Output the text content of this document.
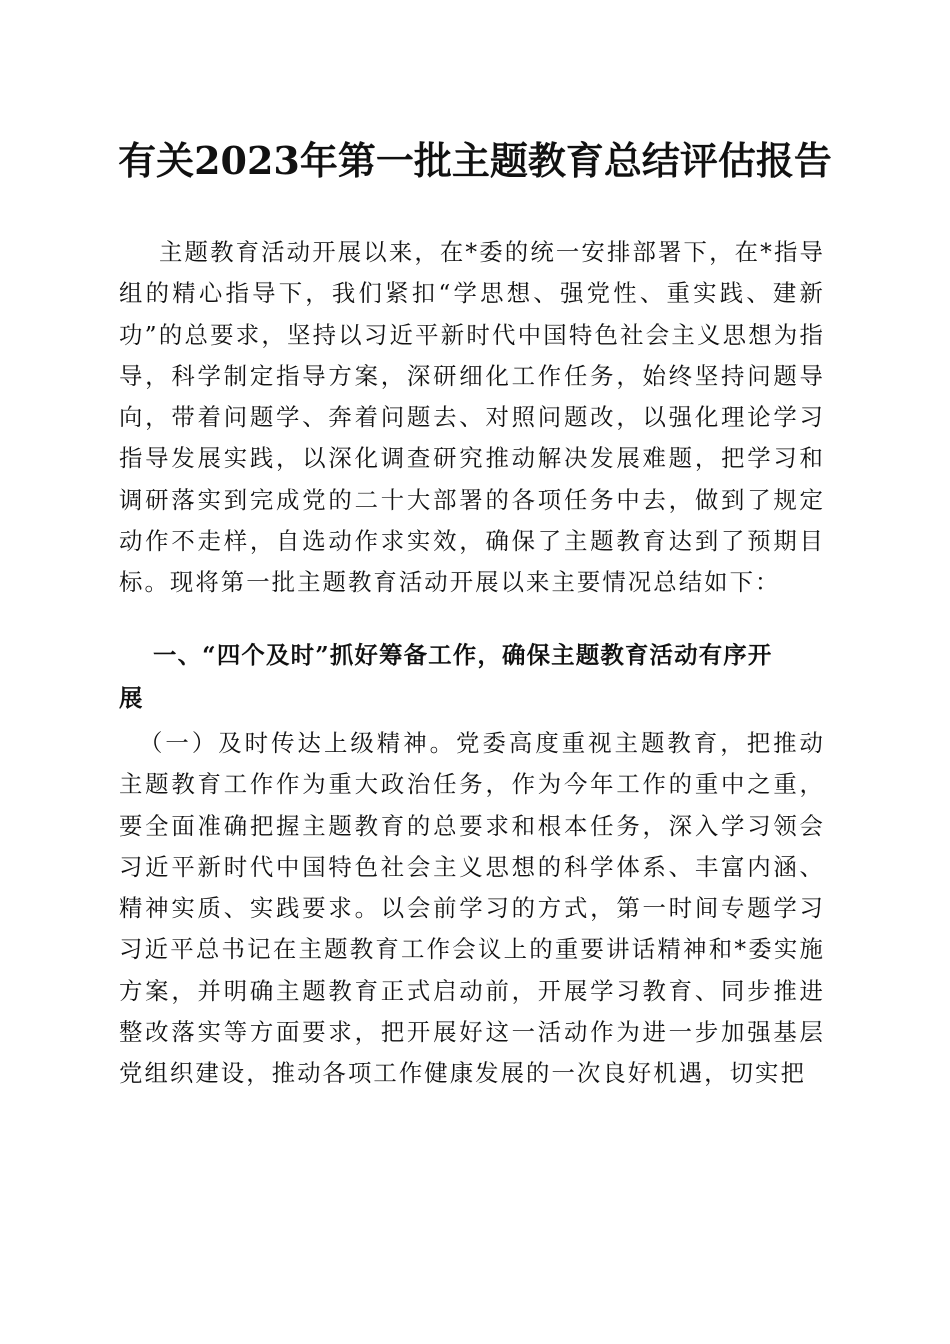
有关2023年第一批主题教育总结评估报告
主题教育活动开展以来，在*委的统一安排部署下，在*指导组的精心指导下，我们紧扣“学思想、强党性、重实践、建新功”的总要求，坚持以习近平新时代中国特色社会主义思想为指导，科学制定指导方案，深研细化工作任务，始终坚持问题导向，带着问题学、奔着问题去、对照问题改，以强化理论学习指导发展实践，以深化调查研究推动解决发展难题，把学习和调研落实到完成党的二十大部署的各项任务中去，做到了规定动作不走样，自选动作求实效，确保了主题教育达到了预期目标。现将第一批主题教育活动开展以来主要情况总结如下：
一、“四个及时”抓好筹备工作，确保主题教育活动有序开
展
（一）及时传达上级精神。党委高度重视主题教育，把推动主题教育工作作为重大政治任务，作为今年工作的重中之重，要全面准确把握主题教育的总要求和根本任务，深入学习领会习近平新时代中国特色社会主义思想的科学体系、丰富内涵、精神实质、实践要求。以会前学习的方式，第一时间专题学习习近平总书记在主题教育工作会议上的重要讲话精神和*委实施方案，并明确主题教育正式启动前，开展学习教育、同步推进整改落实等方面要求，把开展好这一活动作为进一步加强基层党组织建设，推动各项工作健康发展的一次良好机遇，切实把
